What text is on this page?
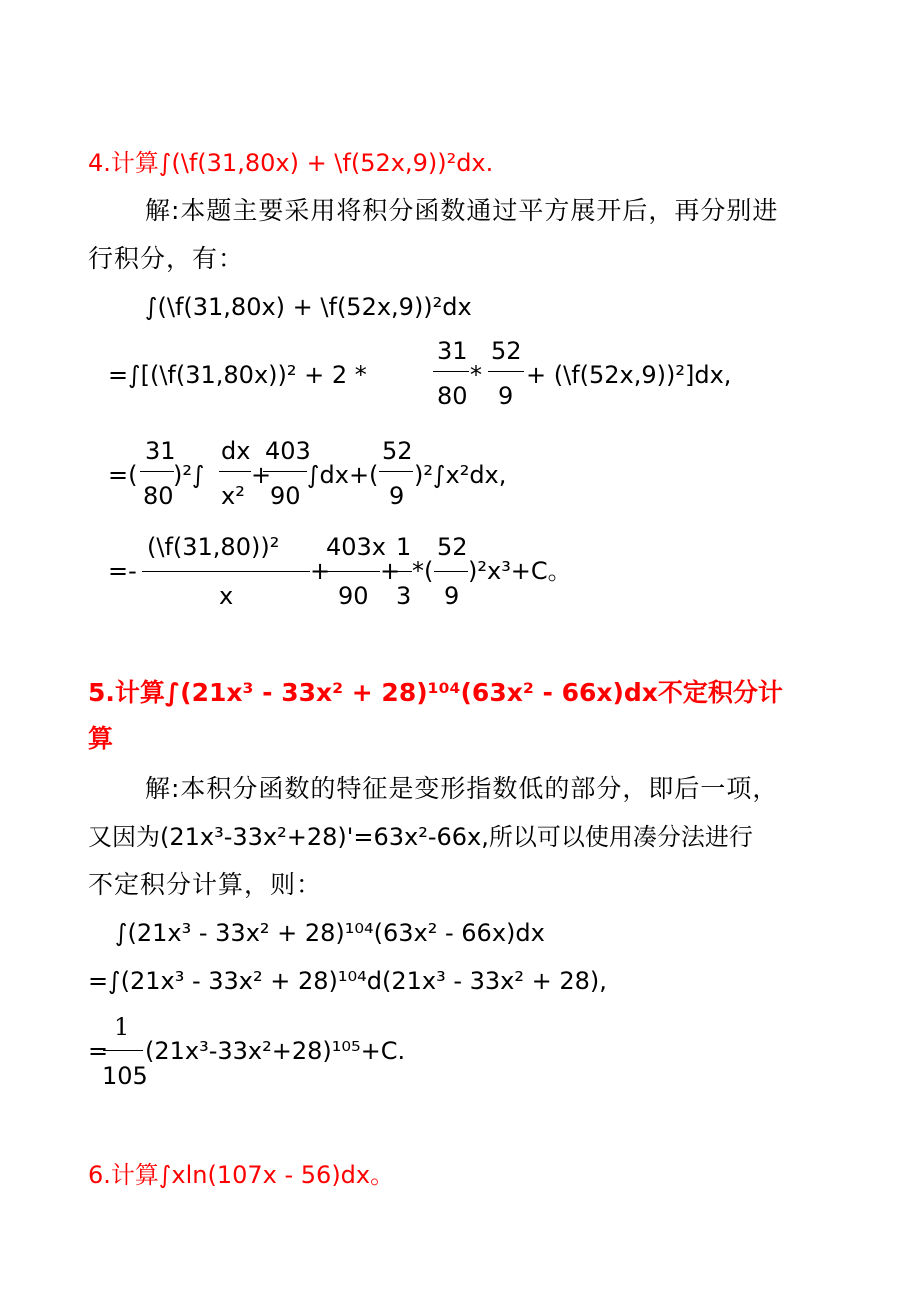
4.计算∫(\f(31,80x) + \f(52x,9))²dx.
解:本题主要采用将积分函数通过平方展开后，再分别进
行积分，有：
∫(\f(31,80x) + \f(52x,9))²dx
=∫[(\f(31,80x))² + 2 *
31
80
*
52
9
+ (\f(52x,9))²]dx,
=(
31
80
)²∫
dx
x²
+
403
90
∫dx+(
52
9
)²∫x²dx,
=-
(\f(31,80))²
x
+
403x
90
+
1
3
*(
52
9
)²x³+C。
5.计算∫(21x³ - 33x² + 28)¹⁰⁴(63x² - 66x)dx不定积分计
算
解:本积分函数的特征是变形指数低的部分，即后一项，
又因为(21x³-33x²+28)'=63x²-66x,所以可以使用凑分法进行
不定积分计算，则：
∫(21x³ - 33x² + 28)¹⁰⁴(63x² - 66x)dx
=∫(21x³ - 33x² + 28)¹⁰⁴d(21x³ - 33x² + 28),
=
1
105
(21x³-33x²+28)¹⁰⁵+C.
6.计算∫xln(107x - 56)dx。
